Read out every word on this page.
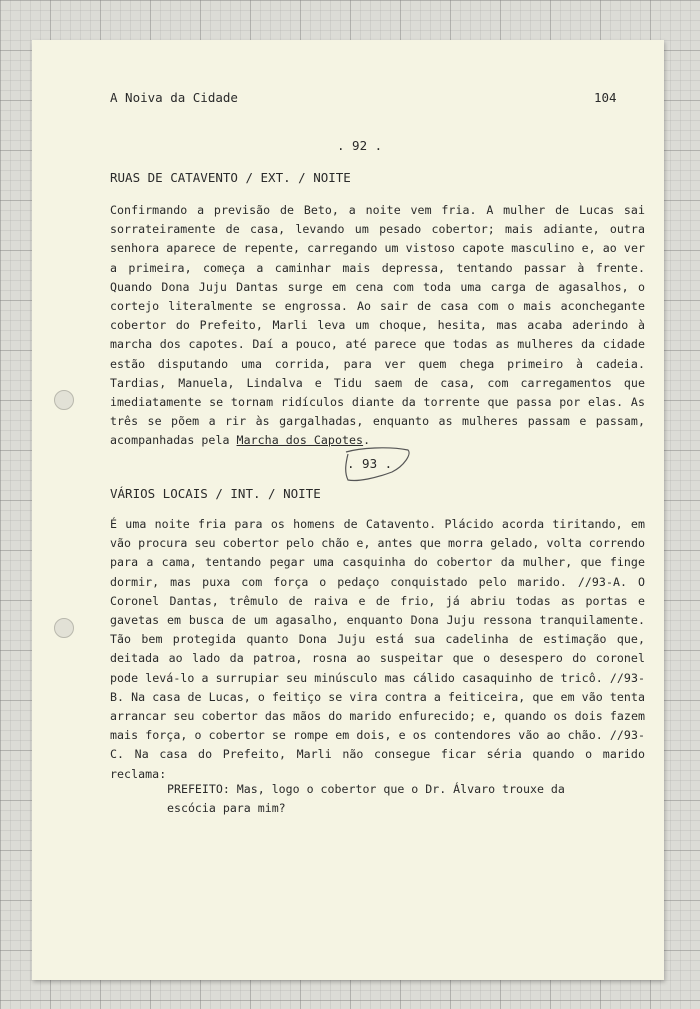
A Noiva da Cidade	104
. 92 .
RUAS DE CATAVENTO / EXT. / NOITE

Confirmando a previsão de Beto, a noite vem fria. A mulher de Lucas sai sorrateiramente de casa, levando um pesado cobertor; mais adiante, outra senhora aparece de repente, carregando um vistoso capote masculino e, ao ver a primeira, começa a caminhar mais depressa, tentando passar à frente. Quando Dona Juju Dantas surge em cena com toda uma carga de agasalhos, o cortejo literalmente se engrossa. Ao sair de casa com o mais aconchegante cobertor do Prefeito, Marli leva um choque, hesita, mas acaba aderindo à marcha dos capotes. Daí a pouco, até parece que todas as mulheres da cidade estão disputando uma corrida, para ver quem chega primeiro à cadeia. Tardias, Manuela, Lindalva e Tidu saem de casa, com carregamentos que imediatamente se tornam ridículos diante da torrente que passa por elas. As três se põem a rir às gargalhadas, enquanto as mulheres passam e passam, acompanhadas pela Marcha dos Capotes.

. 93 .
VÁRIOS LOCAIS / INT. / NOITE

É uma noite fria para os homens de Catavento. Plácido acorda tiritando, em vão procura seu cobertor pelo chão e, antes que morra gelado, volta correndo para a cama, tentando pegar uma casquinha do cobertor da mulher, que finge dormir, mas puxa com força o pedaço conquistado pelo marido. //93-A. O Coronel Dantas, trêmulo de raiva e de frio, já abriu todas as portas e gavetas em busca de um agasalho, enquanto Dona Juju ressona tranquilamente. Tão bem protegida quanto Dona Juju está sua cadelinha de estimação que, deitada ao lado da patroa, rosna ao suspeitar que o desespero do coronel pode levá-lo a surrupiar seu minúsculo mas cálido casaquinho de tricô. //93-B. Na casa de Lucas, o feitiço se vira contra a feiticeira, que em vão tenta arrancar seu cobertor das mãos do marido enfurecido; e, quando os dois fazem mais força, o cobertor se rompe em dois, e os contendores vão ao chão. //93-C. Na casa do Prefeito, Marli não consegue ficar séria quando o marido reclama:

PREFEITO: Mas, logo o cobertor que o Dr. Álvaro trouxe da escócia para mim?
